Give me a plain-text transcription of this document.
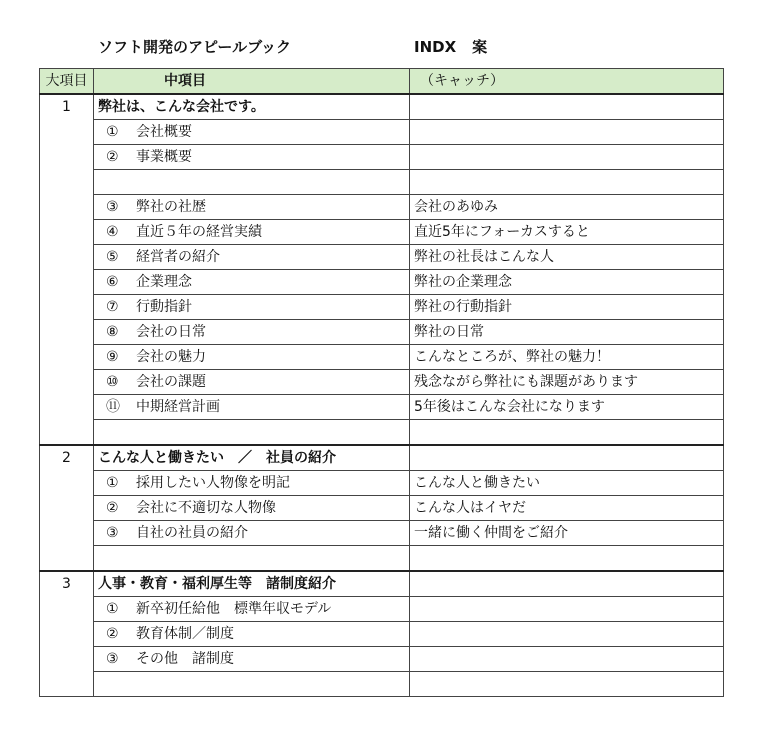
ソフト開発のアピールブック	INDX 案
大項目	中項目	（キャッチ）
1	弊社は、こんな会社です。	
	① 会社概要	
	② 事業概要	

	③ 弊社の社歴	会社のあゆみ
	④ 直近５年の経営実績	直近5年にフォーカスすると
	⑤ 経営者の紹介	弊社の社長はこんな人
	⑥ 企業理念	弊社の企業理念
	⑦ 行動指針	弊社の行動指針
	⑧ 会社の日常	弊社の日常
	⑨ 会社の魅力	こんなところが、弊社の魅力！
	⑩ 会社の課題	残念ながら弊社にも課題があります
	⑪ 中期経営計画	5年後はこんな会社になります

2	こんな人と働きたい　／　社員の紹介	
	① 採用したい人物像を明記	こんな人と働きたい
	② 会社に不適切な人物像	こんな人はイヤだ
	③ 自社の社員の紹介	一緒に働く仲間をご紹介

3	人事・教育・福利厚生等　諸制度紹介	
	① 新卒初任給他　標準年収モデル	
	② 教育体制／制度	
	③ その他　諸制度	
